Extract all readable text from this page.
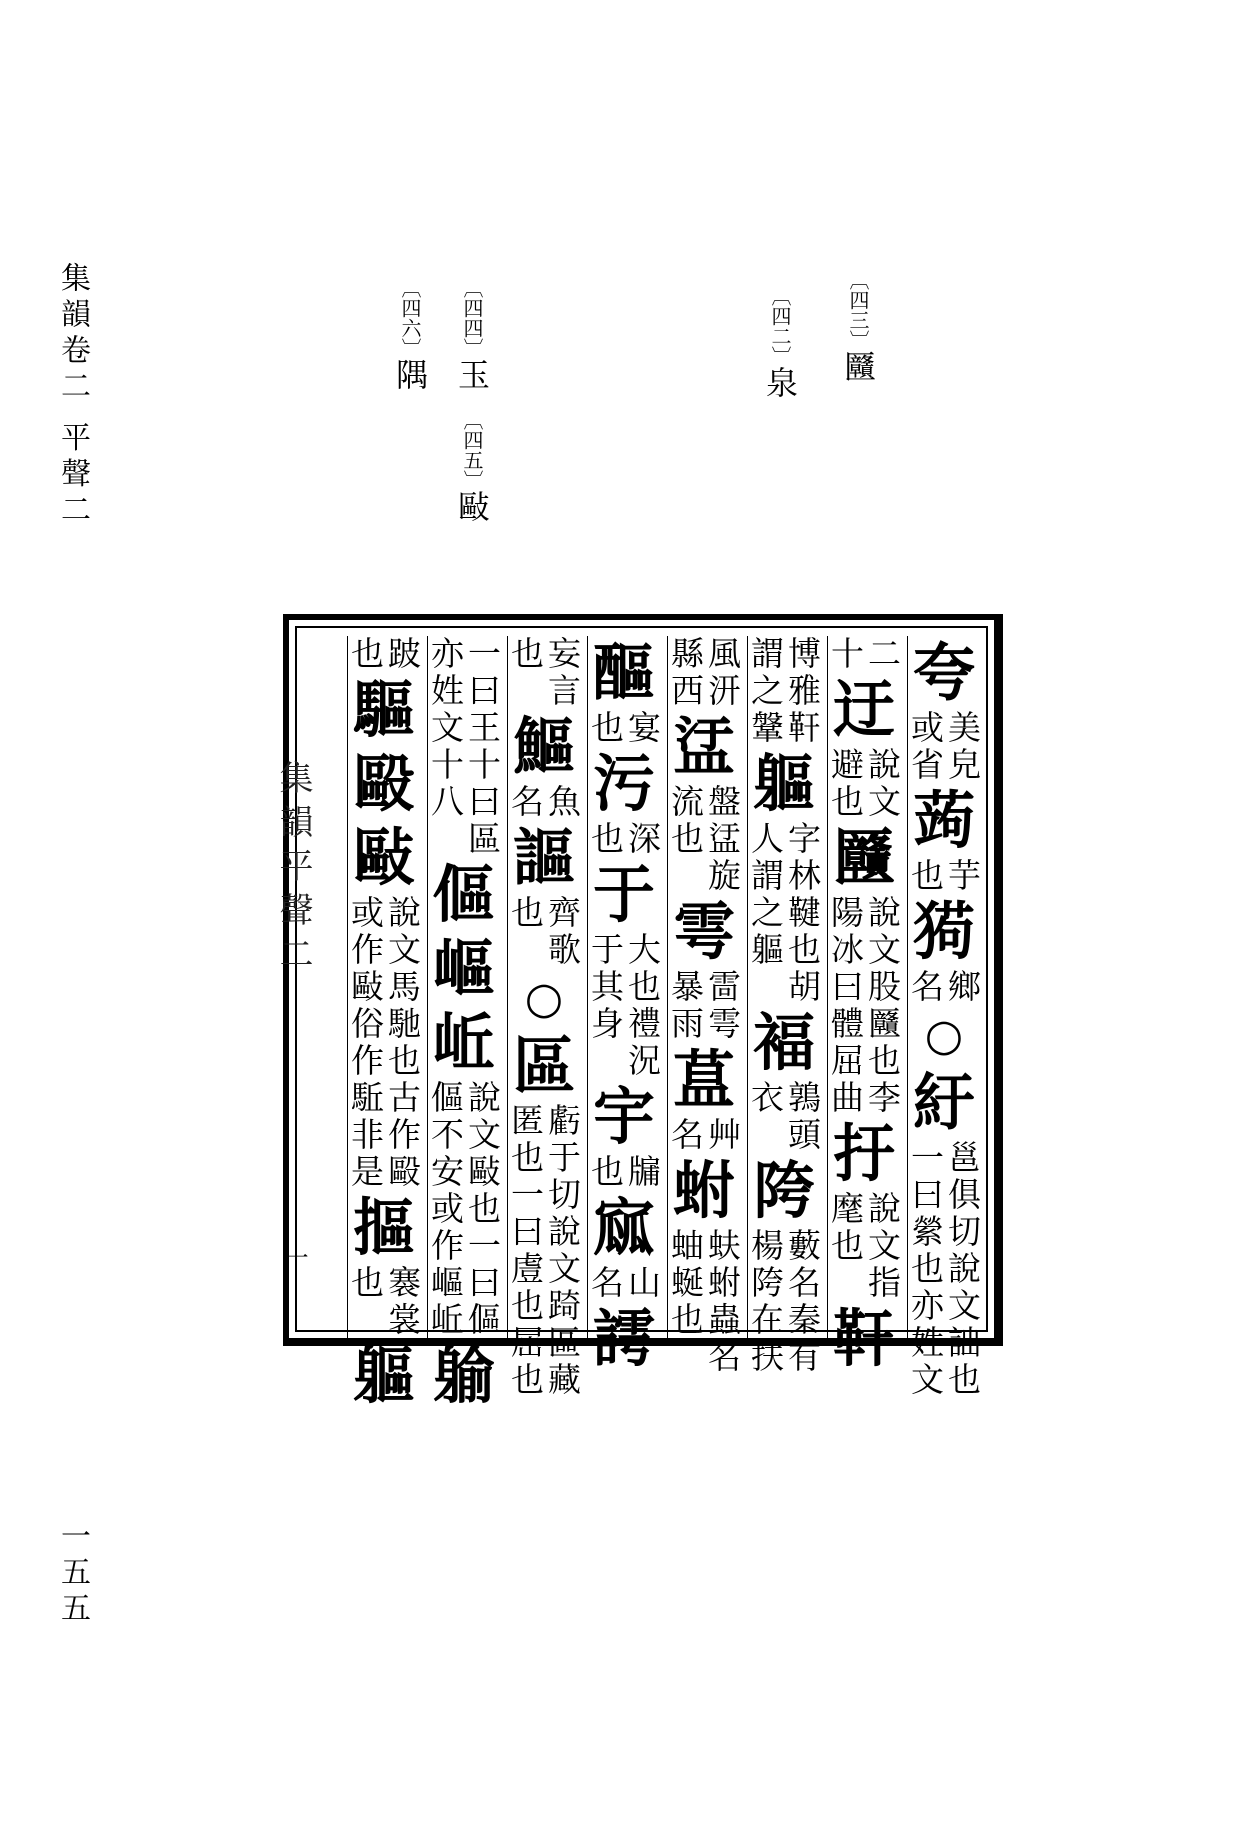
集韻卷二 平聲二
一五五
〔四三〕㔶
〔四二〕泉
〔四四〕玉
〔四五〕敺
〔四六〕隅
夸
美皃
或省
蒟
芋
也
㺃
鄉
名
○
紆
邕俱切說文詘也
一曰縈也亦姓文
二
十
迂
說文
避也
㔶
說文股㔶也李
陽冰曰體屈曲
扜
說文指
麾也
靬
博雅靬
謂之鞶
軀
字林鞬也胡
人謂之軀
褔
鶉頭
衣
陓
藪名秦有
楊陓在扶
風汧
縣西
盓
盤盓旋
流也
雩
䨓雩
暴雨
蒀
艸
名
蚹
蚨蚹蟲名
蚰蜒也
醧
宴
也
污
深
也
于
大也禮況
于其身
宇
牖
也
寙
山
名
謣
妄言
也
鰸
魚
名
謳
齊歌
也
○
區
虧于切說文踦區藏
匿也一曰䖒也屈也
一曰王十曰區
亦姓文十八
傴
嶇
岴
說文敺也一曰傴
傴不安或作嶇岴
䠼
跛
也
驅
毆
敺
說文馬馳也古作毆
或作敺俗作駈非是
摳
褰裳
也
軀
集韻平聲二
一
